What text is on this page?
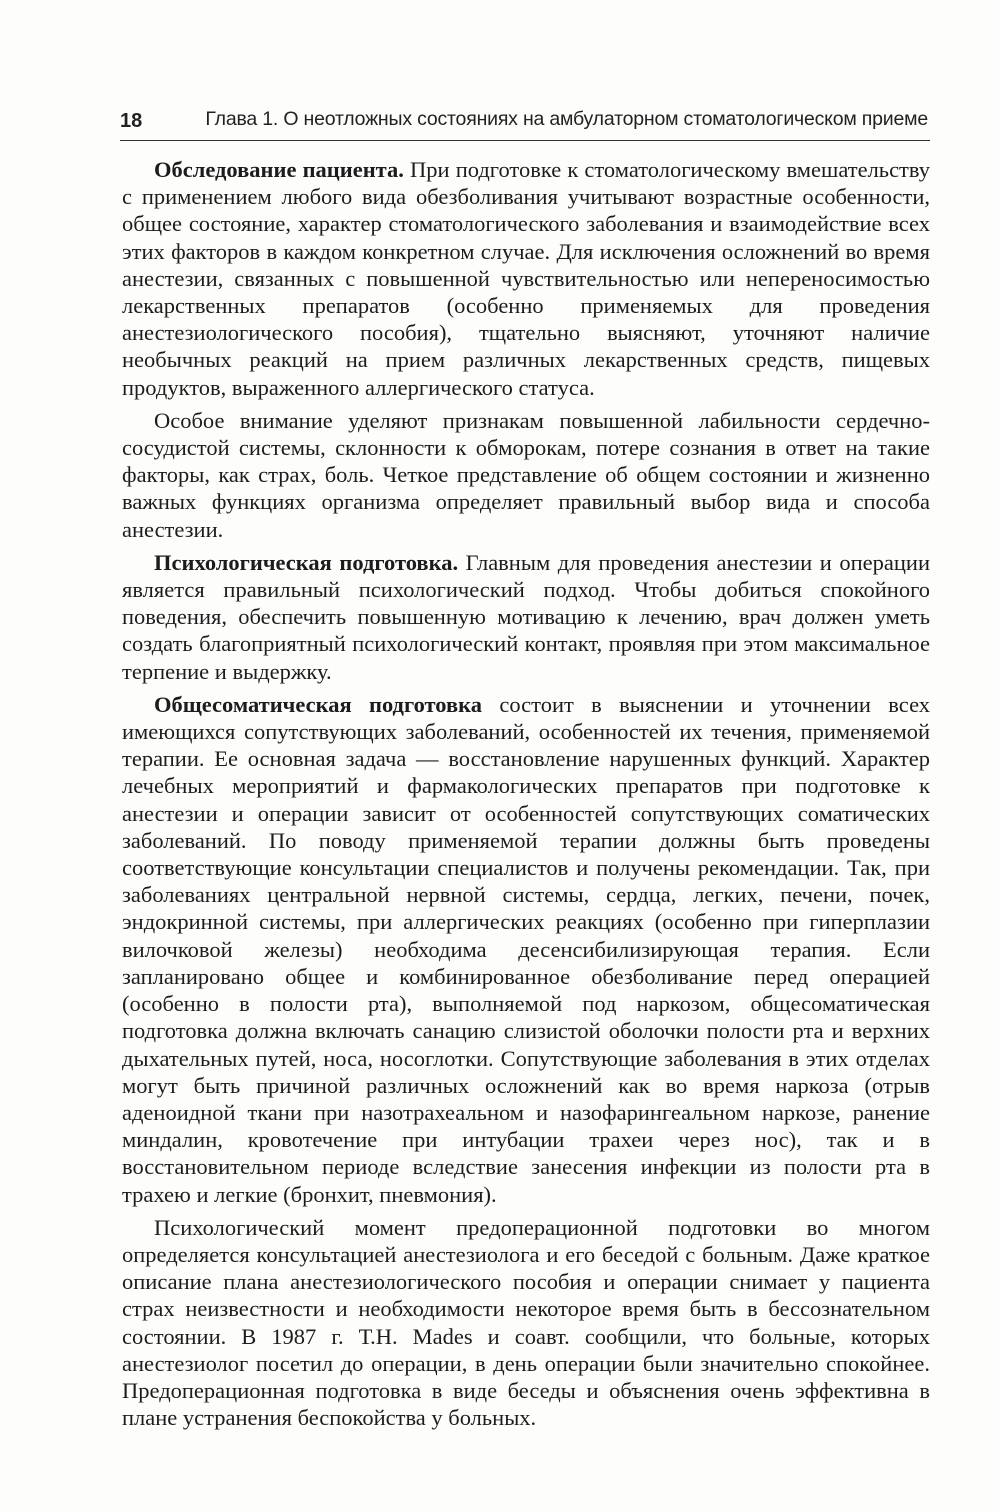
18	Глава 1. О неотложных состояниях на амбулаторном стоматологическом приеме

Обследование пациента. При подготовке к стоматологическому вмешательству с применением любого вида обезболивания учитывают возрастные особенности, общее состояние, характер стоматологического заболевания и взаимодействие всех этих факторов в каждом конкретном случае. Для исключения осложнений во время анестезии, связанных с повышенной чувствительностью или непереносимостью лекарственных препаратов (особенно применяемых для проведения анестезиологического пособия), тщательно выясняют, уточняют наличие необычных реакций на прием различных лекарственных средств, пищевых продуктов, выраженного аллергического статуса.

Особое внимание уделяют признакам повышенной лабильности сердечно-сосудистой системы, склонности к обморокам, потере сознания в ответ на такие факторы, как страх, боль. Четкое представление об общем состоянии и жизненно важных функциях организма определяет правильный выбор вида и способа анестезии.

Психологическая подготовка. Главным для проведения анестезии и операции является правильный психологический подход. Чтобы добиться спокойного поведения, обеспечить повышенную мотивацию к лечению, врач должен уметь создать благоприятный психологический контакт, проявляя при этом максимальное терпение и выдержку.

Общесоматическая подготовка состоит в выяснении и уточнении всех имеющихся сопутствующих заболеваний, особенностей их течения, применяемой терапии. Ее основная задача — восстановление нарушенных функций. Характер лечебных мероприятий и фармакологических препаратов при подготовке к анестезии и операции зависит от особенностей сопутствующих соматических заболеваний. По поводу применяемой терапии должны быть проведены соответствующие консультации специалистов и получены рекомендации. Так, при заболеваниях центральной нервной системы, сердца, легких, печени, почек, эндокринной системы, при аллергических реакциях (особенно при гиперплазии вилочковой железы) необходима десенсибилизирующая терапия. Если запланировано общее и комбинированное обезболивание перед операцией (особенно в полости рта), выполняемой под наркозом, общесоматическая подготовка должна включать санацию слизистой оболочки полости рта и верхних дыхательных путей, носа, носоглотки. Сопутствующие заболевания в этих отделах могут быть причиной различных осложнений как во время наркоза (отрыв аденоидной ткани при назотрахеальном и назофарингеальном наркозе, ранение миндалин, кровотечение при интубации трахеи через нос), так и в восстановительном периоде вследствие занесения инфекции из полости рта в трахею и легкие (бронхит, пневмония).

Психологический момент предоперационной подготовки во многом определяется консультацией анестезиолога и его беседой с больным. Даже краткое описание плана анестезиологического пособия и операции снимает у пациента страх неизвестности и необходимости некоторое время быть в бессознательном состоянии. В 1987 г. Т.Н. Mades и соавт. сообщили, что больные, которых анестезиолог посетил до операции, в день операции были значительно спокойнее. Предоперационная подготовка в виде беседы и объяснения очень эффективна в плане устранения беспокойства у больных.
